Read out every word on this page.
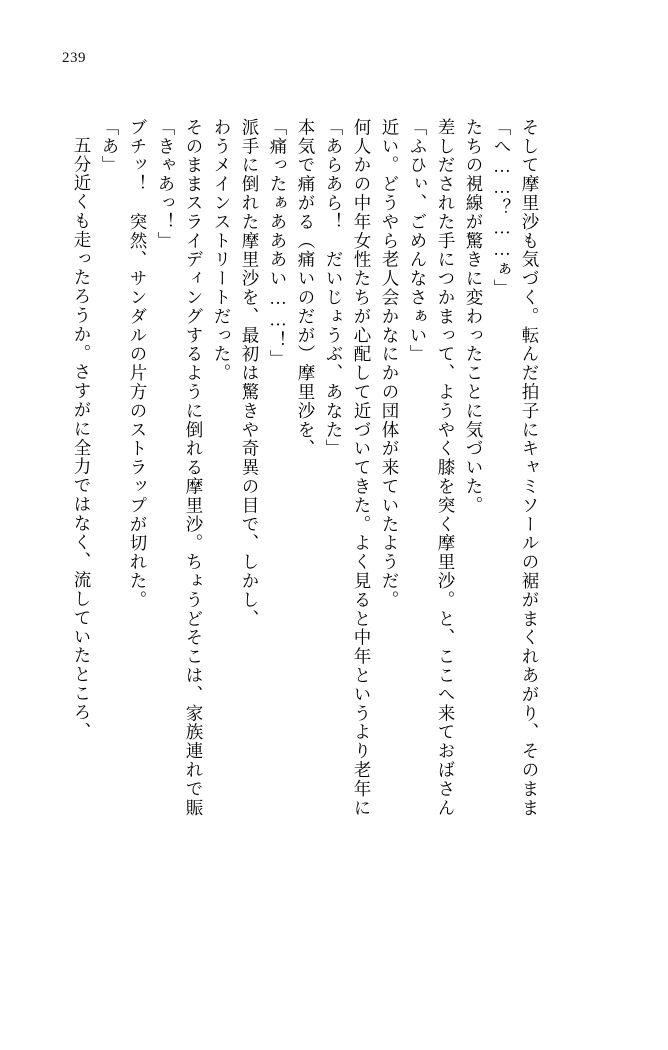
239
五分近くも走ったろうか。さすがに全力ではなく、流していたところ、 「あ」 ブチッ！　突然、サンダルの片方のストラップが切れた。 「きゃあっ！」 そのままスライディングするように倒れる摩里沙。ちょうどそこは、家族連れで賑 わうメインストリートだった。 派手に倒れた摩里沙を、最初は驚きや奇異の目で、しかし、 「痛ったぁあああい……！」 本気で痛がる（痛いのだが）摩里沙を、 「あらあら！　だいじょうぶ、あなた」 何人かの中年女性たちが心配して近づいてきた。よく見ると中年というより老年に 近い。どうやら老人会かなにかの団体が来ていたようだ。 「ふひぃ、ごめんなさぁい」 差しだされた手につかまって、ようやく膝を突く摩里沙。と、ここへ来ておばさん たちの視線が驚きに変わったことに気づいた。 「へ……？……ぁ」 そして摩里沙も気づく。転んだ拍子にキャミソールの裾がまくれあがり、そのまま
